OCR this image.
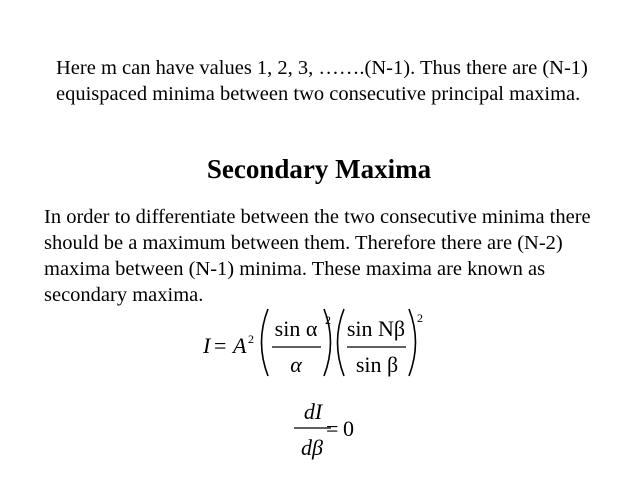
Here m can have values 1, 2, 3, …….(N-1). Thus there are (N-1)
equispaced minima between two consecutive principal maxima.
Secondary Maxima
In order to differentiate between the two consecutive minima there
should be a maximum between them. Therefore there are (N-2)
maxima between (N-1) minima. These maxima are known as
secondary maxima.
I = A 2 sin α
α
2 sin Nβ
sin β
2
dI
dβ
= 0
